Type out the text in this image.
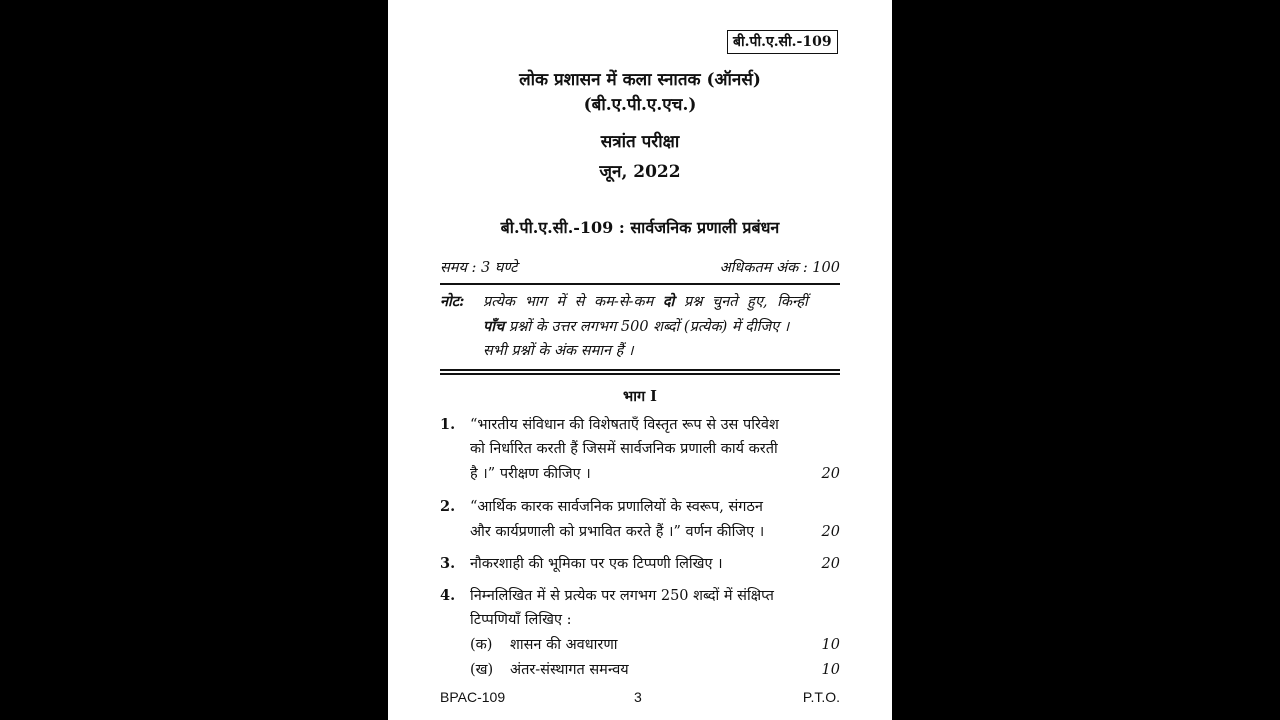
बी.पी.ए.सी.-109
लोक प्रशासन में कला स्नातक (ऑनर्स)
(बी.ए.पी.ए.एच.)
सत्रांत परीक्षा
जून, 2022
बी.पी.ए.सी.-109 : सार्वजनिक प्रणाली प्रबंधन
समय : 3 घण्टे	अधिकतम अंक : 100
नोट: प्रत्येक भाग में से कम-से-कम दो प्रश्न चुनते हुए, किन्हीं
पाँच प्रश्नों के उत्तर लगभग 500 शब्दों (प्रत्येक) में दीजिए ।
सभी प्रश्नों के अंक समान हैं ।
भाग I
1. “भारतीय संविधान की विशेषताएँ विस्तृत रूप से उस परिवेश
को निर्धारित करती हैं जिसमें सार्वजनिक प्रणाली कार्य करती
है ।” परीक्षण कीजिए ।	20
2. “आर्थिक कारक सार्वजनिक प्रणालियों के स्वरूप, संगठन
और कार्यप्रणाली को प्रभावित करते हैं ।” वर्णन कीजिए ।	20
3. नौकरशाही की भूमिका पर एक टिप्पणी लिखिए ।	20
4. निम्नलिखित में से प्रत्येक पर लगभग 250 शब्दों में संक्षिप्त
टिप्पणियाँ लिखिए :
(क) शासन की अवधारणा	10
(ख) अंतर-संस्थागत समन्वय	10
BPAC-109	3	P.T.O.
